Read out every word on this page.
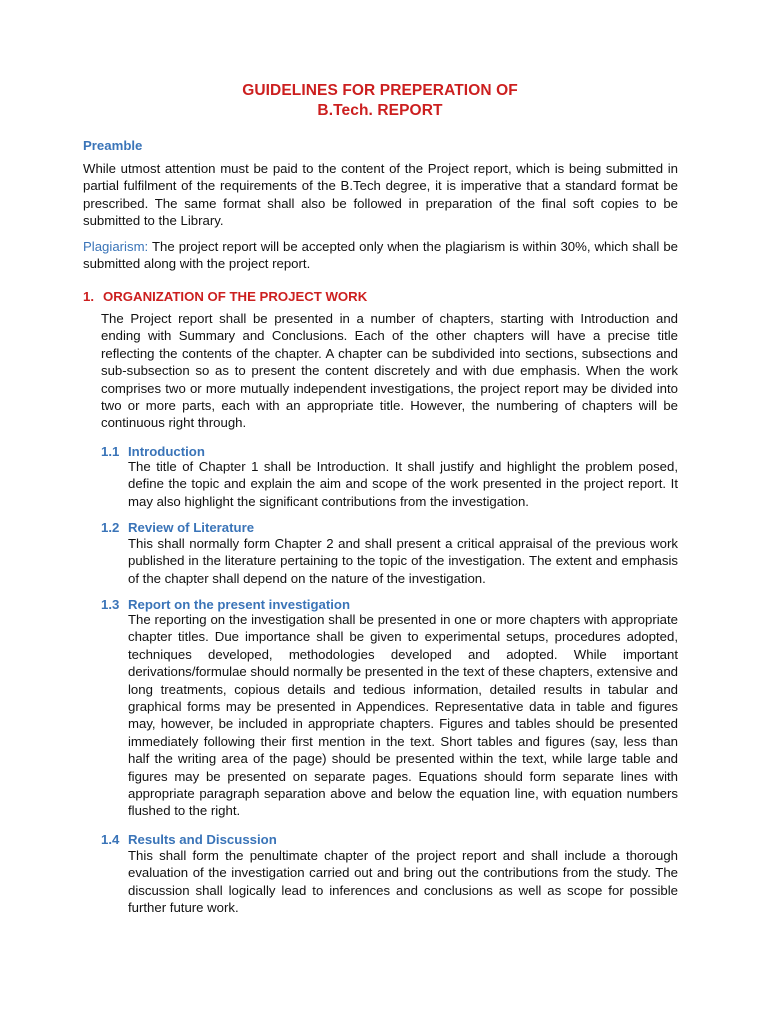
GUIDELINES FOR PREPERATION OF
B.Tech. REPORT
Preamble

While utmost attention must be paid to the content of the Project report, which is being submitted in partial fulfilment of the requirements of the B.Tech degree, it is imperative that a standard format be prescribed. The same format shall also be followed in preparation of the final soft copies to be submitted to the Library.

Plagiarism: The project report will be accepted only when the plagiarism is within 30%, which shall be submitted along with the project report.

1. ORGANIZATION OF THE PROJECT WORK

The Project report shall be presented in a number of chapters, starting with Introduction and ending with Summary and Conclusions. Each of the other chapters will have a precise title reflecting the contents of the chapter. A chapter can be subdivided into sections, subsections and sub-subsection so as to present the content discretely and with due emphasis. When the work comprises two or more mutually independent investigations, the project report may be divided into two or more parts, each with an appropriate title. However, the numbering of chapters will be continuous right through.

1.1 Introduction

The title of Chapter 1 shall be Introduction. It shall justify and highlight the problem posed, define the topic and explain the aim and scope of the work presented in the project report. It may also highlight the significant contributions from the investigation.

1.2 Review of Literature

This shall normally form Chapter 2 and shall present a critical appraisal of the previous work published in the literature pertaining to the topic of the investigation. The extent and emphasis of the chapter shall depend on the nature of the investigation.

1.3 Report on the present investigation

The reporting on the investigation shall be presented in one or more chapters with appropriate chapter titles. Due importance shall be given to experimental setups, procedures adopted, techniques developed, methodologies developed and adopted. While important derivations/formulae should normally be presented in the text of these chapters, extensive and long treatments, copious details and tedious information, detailed results in tabular and graphical forms may be presented in Appendices. Representative data in table and figures may, however, be included in appropriate chapters. Figures and tables should be presented immediately following their first mention in the text. Short tables and figures (say, less than half the writing area of the page) should be presented within the text, while large table and figures may be presented on separate pages. Equations should form separate lines with appropriate paragraph separation above and below the equation line, with equation numbers flushed to the right.

1.4 Results and Discussion

This shall form the penultimate chapter of the project report and shall include a thorough evaluation of the investigation carried out and bring out the contributions from the study. The discussion shall logically lead to inferences and conclusions as well as scope for possible further future work.
